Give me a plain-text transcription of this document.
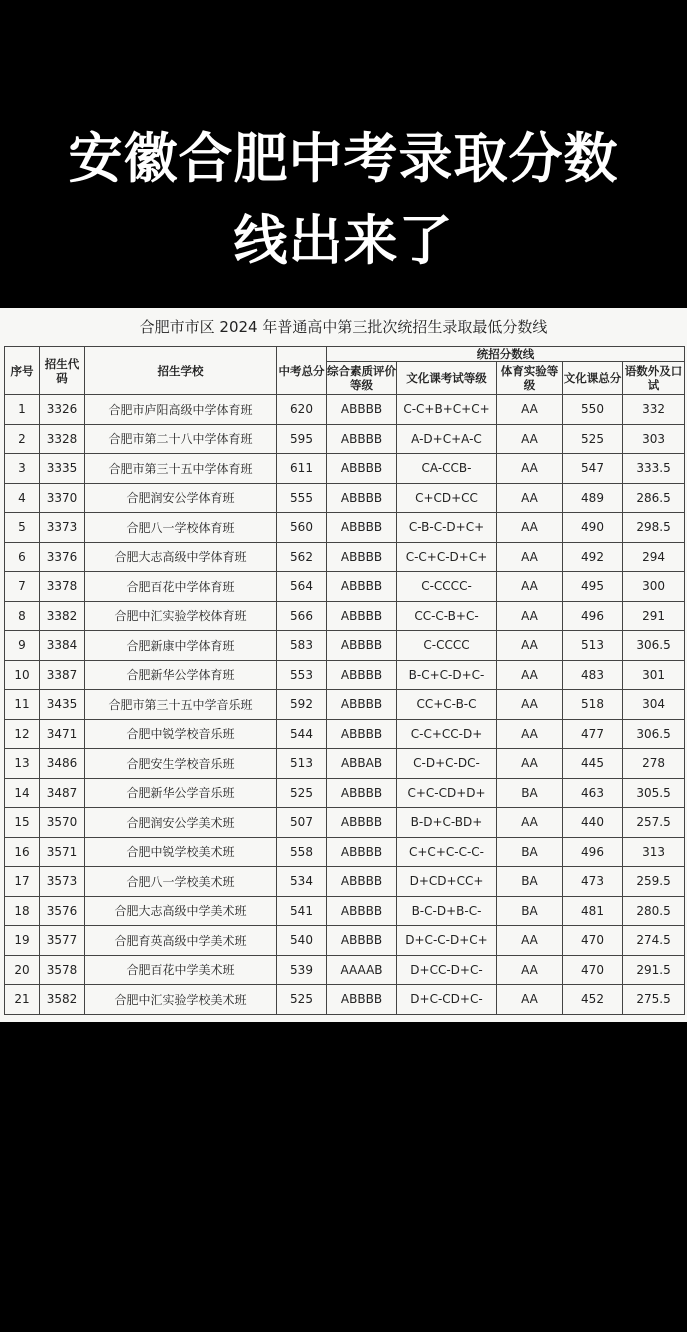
安徽合肥中考录取分数
线出来了
合肥市市区 2024 年普通高中第三批次统招生录取最低分数线
序号	招生代码	招生学校	中考总分	统招分数线				
				综合素质评价等级	文化课考试等级	体育实验等级	文化课总分	语数外及口试
1	3326	合肥市庐阳高级中学体育班	620	ABBBB	C-C+B+C+C+	AA	550	332
2	3328	合肥市第二十八中学体育班	595	ABBBB	A-D+C+A-C	AA	525	303
3	3335	合肥市第三十五中学体育班	611	ABBBB	CA-CCB-	AA	547	333.5
4	3370	合肥润安公学体育班	555	ABBBB	C+CD+CC	AA	489	286.5
5	3373	合肥八一学校体育班	560	ABBBB	C-B-C-D+C+	AA	490	298.5
6	3376	合肥大志高级中学体育班	562	ABBBB	C-C+C-D+C+	AA	492	294
7	3378	合肥百花中学体育班	564	ABBBB	C-CCCC-	AA	495	300
8	3382	合肥中汇实验学校体育班	566	ABBBB	CC-C-B+C-	AA	496	291
9	3384	合肥新康中学体育班	583	ABBBB	C-CCCC	AA	513	306.5
10	3387	合肥新华公学体育班	553	ABBBB	B-C+C-D+C-	AA	483	301
11	3435	合肥市第三十五中学音乐班	592	ABBBB	CC+C-B-C	AA	518	304
12	3471	合肥中锐学校音乐班	544	ABBBB	C-C+CC-D+	AA	477	306.5
13	3486	合肥安生学校音乐班	513	ABBAB	C-D+C-DC-	AA	445	278
14	3487	合肥新华公学音乐班	525	ABBBB	C+C-CD+D+	BA	463	305.5
15	3570	合肥润安公学美术班	507	ABBBB	B-D+C-BD+	AA	440	257.5
16	3571	合肥中锐学校美术班	558	ABBBB	C+C+C-C-C-	BA	496	313
17	3573	合肥八一学校美术班	534	ABBBB	D+CD+CC+	BA	473	259.5
18	3576	合肥大志高级中学美术班	541	ABBBB	B-C-D+B-C-	BA	481	280.5
19	3577	合肥育英高级中学美术班	540	ABBBB	D+C-C-D+C+	AA	470	274.5
20	3578	合肥百花中学美术班	539	AAAAB	D+CC-D+C-	AA	470	291.5
21	3582	合肥中汇实验学校美术班	525	ABBBB	D+C-CD+C-	AA	452	275.5
